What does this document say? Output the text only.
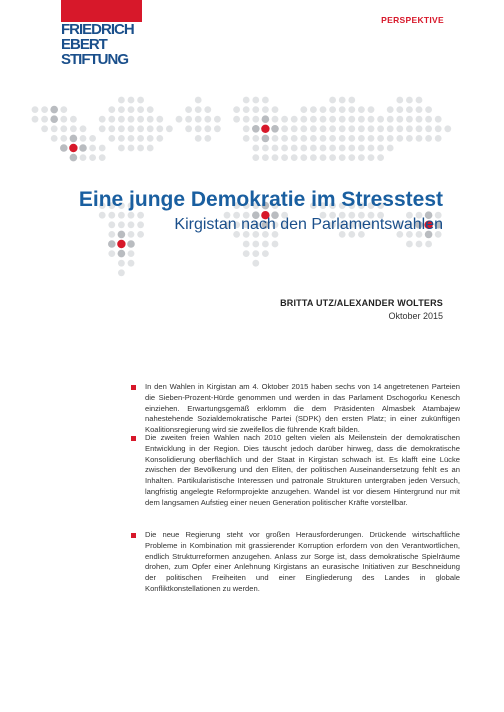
FRIEDRICH
EBERT
STIFTUNG
PERSPEKTIVE
Eine junge Demokratie im Stresstest
Kirgistan nach den Parlamentswahlen
BRITTA UTZ/ALEXANDER WOLTERS
Oktober 2015
In den Wahlen in Kirgistan am 4. Oktober 2015 haben sechs von 14 angetretenen Parteien die Sieben-Prozent-Hürde genommen und werden in das Parlament Dschogorku Kenesch einziehen. Erwartungsgemäß erklomm die dem Präsidenten Almasbek Atambajew nahestehende Sozialdemokratische Partei (SDPK) den ersten Platz; in einer zukünftigen Koalitionsregierung wird sie zweifellos die führende Kraft bilden.
Die zweiten freien Wahlen nach 2010 gelten vielen als Meilenstein der demokratischen Entwicklung in der Region. Dies täuscht jedoch darüber hinweg, dass die demokratische Konsolidierung oberflächlich und der Staat in Kirgistan schwach ist. Es klafft eine Lücke zwischen der Bevölkerung und den Eliten, der politischen Auseinandersetzung fehlt es an Inhalten. Partikularistische Interessen und patronale Strukturen untergraben jeden Versuch, langfristig angelegte Reformprojekte anzugehen. Wandel ist vor diesem Hintergrund nur mit dem langsamen Aufstieg einer neuen Generation politischer Kräfte vorstellbar.
Die neue Regierung steht vor großen Herausforderungen. Drückende wirtschaftliche Probleme in Kombination mit grassierender Korruption erfordern von den Verantwortlichen, endlich Strukturreformen anzugehen. Anlass zur Sorge ist, dass demokratische Spielräume drohen, zum Opfer einer Anlehnung Kirgistans an eurasische Initiativen zur Beschneidung der politischen Freiheiten und einer Eingliederung des Landes in globale Konfliktkonstellationen zu werden.
